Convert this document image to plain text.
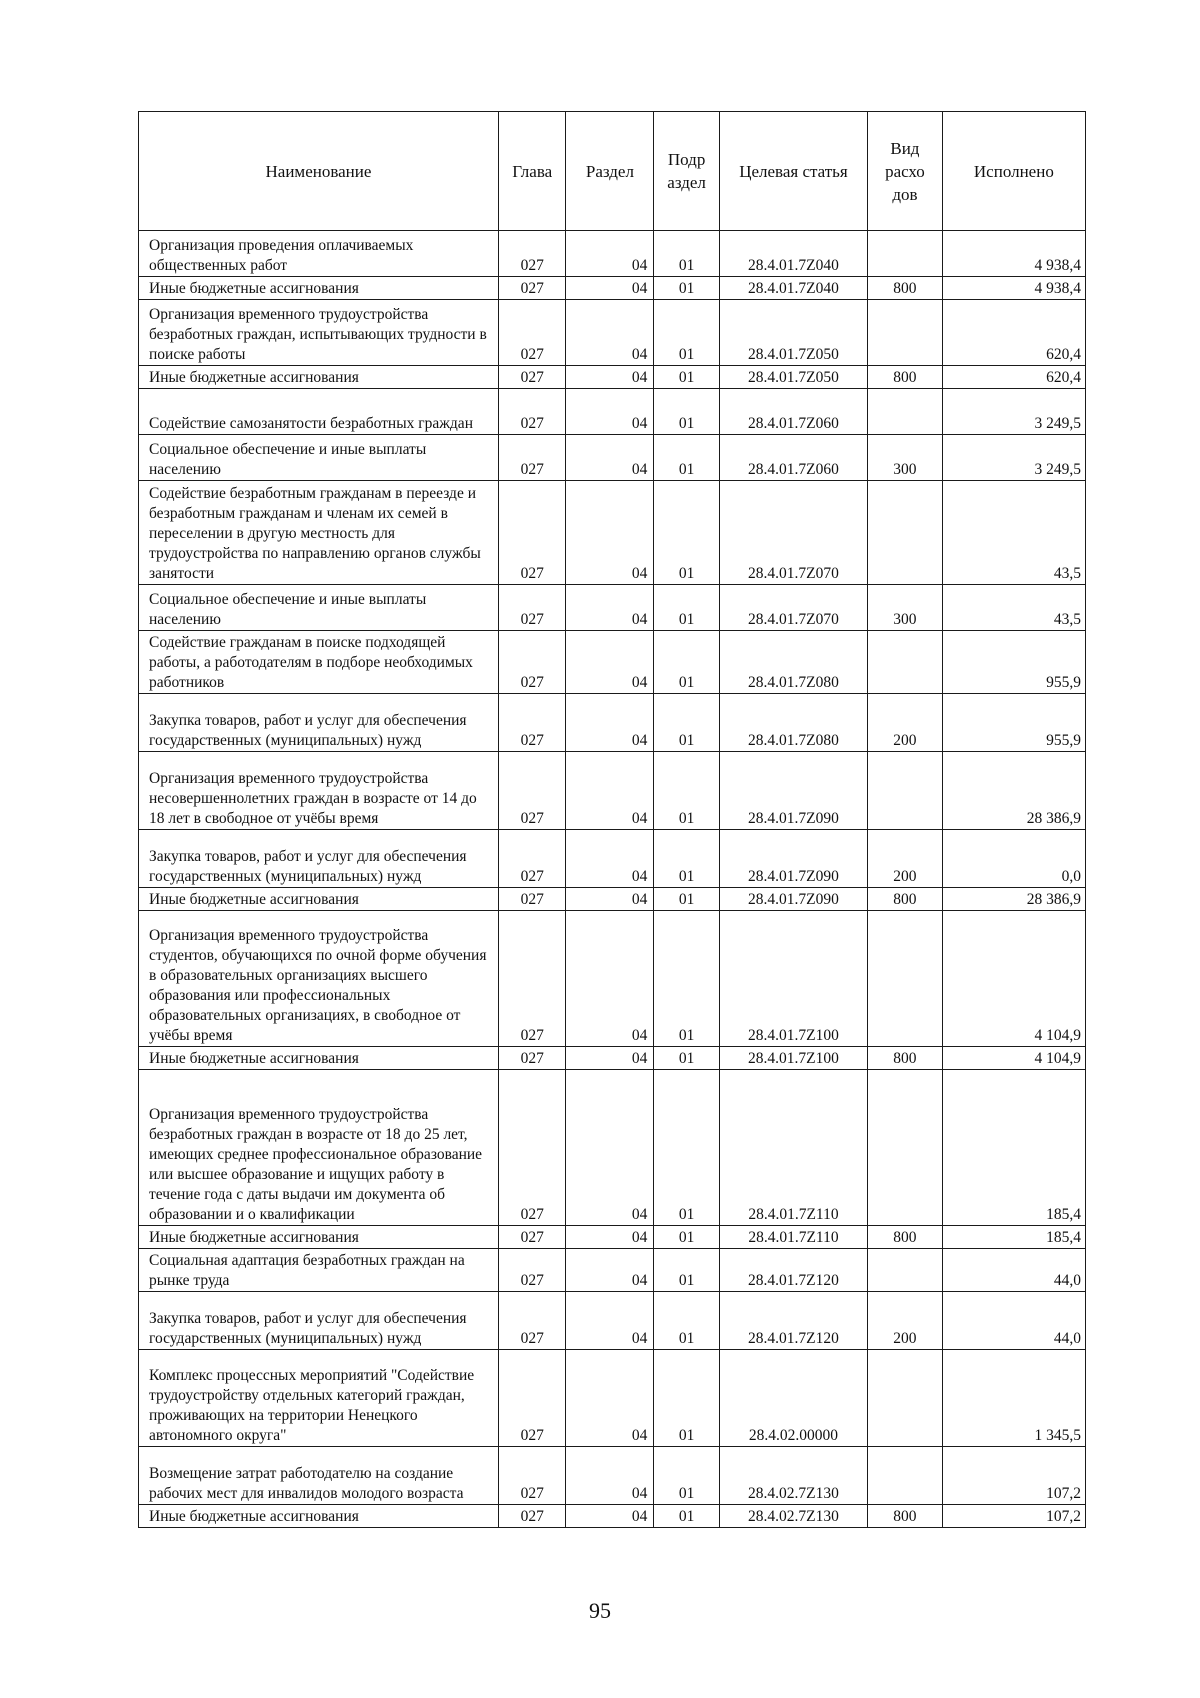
Наименование	Глава	Раздел	Подр аздел	Целевая статья	Вид расхо дов	Исполнено
Организация проведения оплачиваемых общественных работ	027	04	01	28.4.01.7Z040		4 938,4
Иные бюджетные ассигнования	027	04	01	28.4.01.7Z040	800	4 938,4
Организация временного трудоустройства безработных граждан, испытывающих трудности в поиске работы	027	04	01	28.4.01.7Z050		620,4
Иные бюджетные ассигнования	027	04	01	28.4.01.7Z050	800	620,4
Содействие самозанятости безработных граждан	027	04	01	28.4.01.7Z060		3 249,5
Социальное обеспечение и иные выплаты населению	027	04	01	28.4.01.7Z060	300	3 249,5
Содействие безработным гражданам в переезде и безработным гражданам и членам их семей в переселении в другую местность для трудоустройства по направлению органов службы занятости	027	04	01	28.4.01.7Z070		43,5
Социальное обеспечение и иные выплаты населению	027	04	01	28.4.01.7Z070	300	43,5
Содействие гражданам в поиске подходящей работы, а работодателям в подборе необходимых работников	027	04	01	28.4.01.7Z080		955,9
Закупка товаров, работ и услуг для обеспечения государственных (муниципальных) нужд	027	04	01	28.4.01.7Z080	200	955,9
Организация временного трудоустройства несовершеннолетних граждан в возрасте от 14 до 18 лет в свободное от учёбы время	027	04	01	28.4.01.7Z090		28 386,9
Закупка товаров, работ и услуг для обеспечения государственных (муниципальных) нужд	027	04	01	28.4.01.7Z090	200	0,0
Иные бюджетные ассигнования	027	04	01	28.4.01.7Z090	800	28 386,9
Организация временного трудоустройства студентов, обучающихся по очной форме обучения в образовательных организациях высшего образования или профессиональных образовательных организациях, в свободное от учёбы время	027	04	01	28.4.01.7Z100		4 104,9
Иные бюджетные ассигнования	027	04	01	28.4.01.7Z100	800	4 104,9
Организация временного трудоустройства безработных граждан в возрасте от 18 до 25 лет, имеющих среднее профессиональное образование или высшее образование и ищущих работу в течение года с даты выдачи им документа об образовании и о квалификации	027	04	01	28.4.01.7Z110		185,4
Иные бюджетные ассигнования	027	04	01	28.4.01.7Z110	800	185,4
Социальная адаптация безработных граждан на рынке труда	027	04	01	28.4.01.7Z120		44,0
Закупка товаров, работ и услуг для обеспечения государственных (муниципальных) нужд	027	04	01	28.4.01.7Z120	200	44,0
Комплекс процессных мероприятий "Содействие трудоустройству отдельных категорий граждан, проживающих на территории Ненецкого автономного округа"	027	04	01	28.4.02.00000		1 345,5
Возмещение затрат работодателю на создание рабочих мест для инвалидов молодого возраста	027	04	01	28.4.02.7Z130		107,2
Иные бюджетные ассигнования	027	04	01	28.4.02.7Z130	800	107,2
95
